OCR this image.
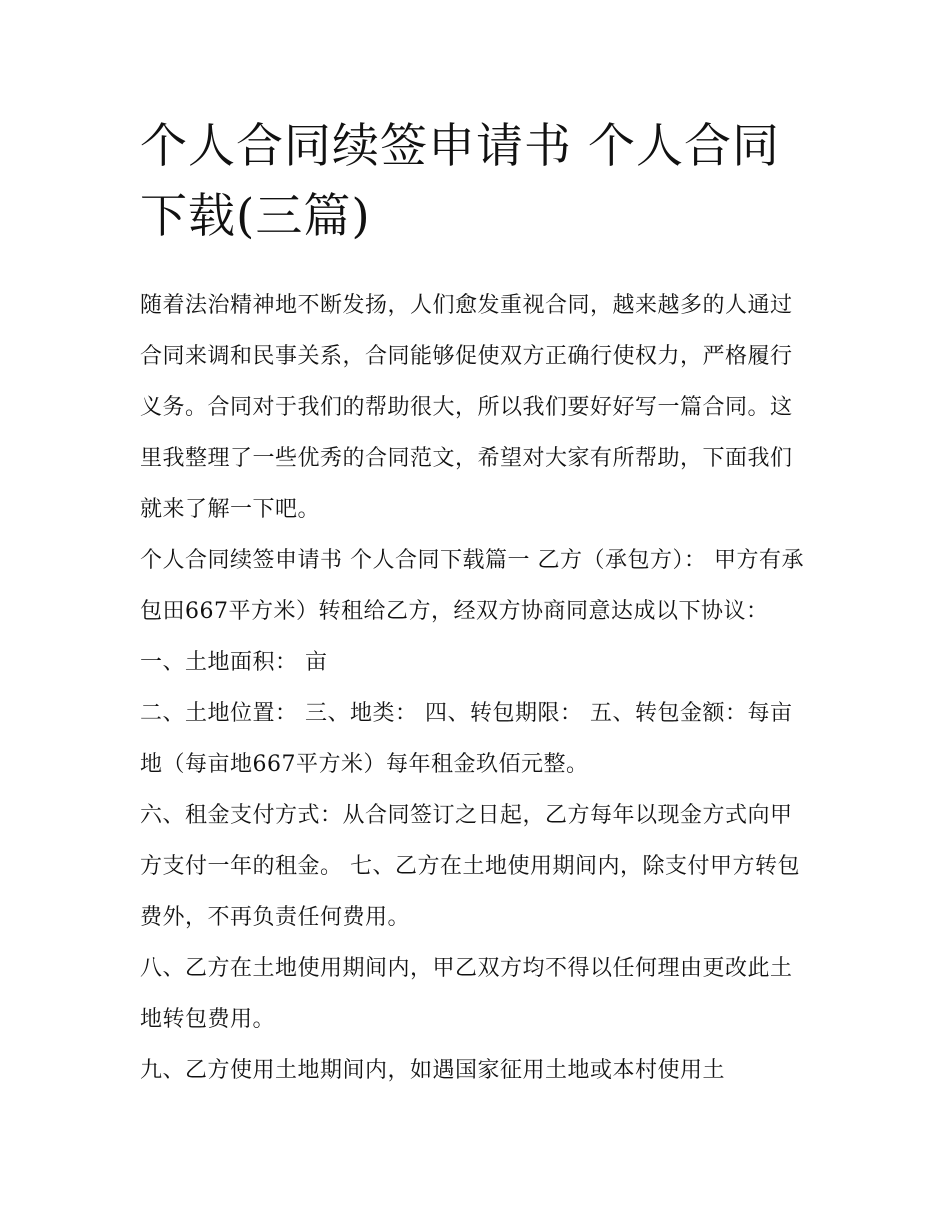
个人合同续签申请书 个人合同下载(三篇)

随着法治精神地不断发扬，人们愈发重视合同，越来越多的人通过合同来调和民事关系，合同能够促使双方正确行使权力，严格履行义务。合同对于我们的帮助很大，所以我们要好好写一篇合同。这里我整理了一些优秀的合同范文，希望对大家有所帮助，下面我们就来了解一下吧。

个人合同续签申请书 个人合同下载篇一 乙方（承包方）： 甲方有承包田667平方米）转租给乙方，经双方协商同意达成以下协议： 一、土地面积： 亩

二、土地位置： 三、地类： 四、转包期限： 五、转包金额：每亩地（每亩地667平方米）每年租金玖佰元整。

六、租金支付方式：从合同签订之日起，乙方每年以现金方式向甲方支付一年的租金。 七、乙方在土地使用期间内，除支付甲方转包费外，不再负责任何费用。

八、乙方在土地使用期间内，甲乙双方均不得以任何理由更改此土地转包费用。

九、乙方使用土地期间内，如遇国家征用土地或本村使用土
